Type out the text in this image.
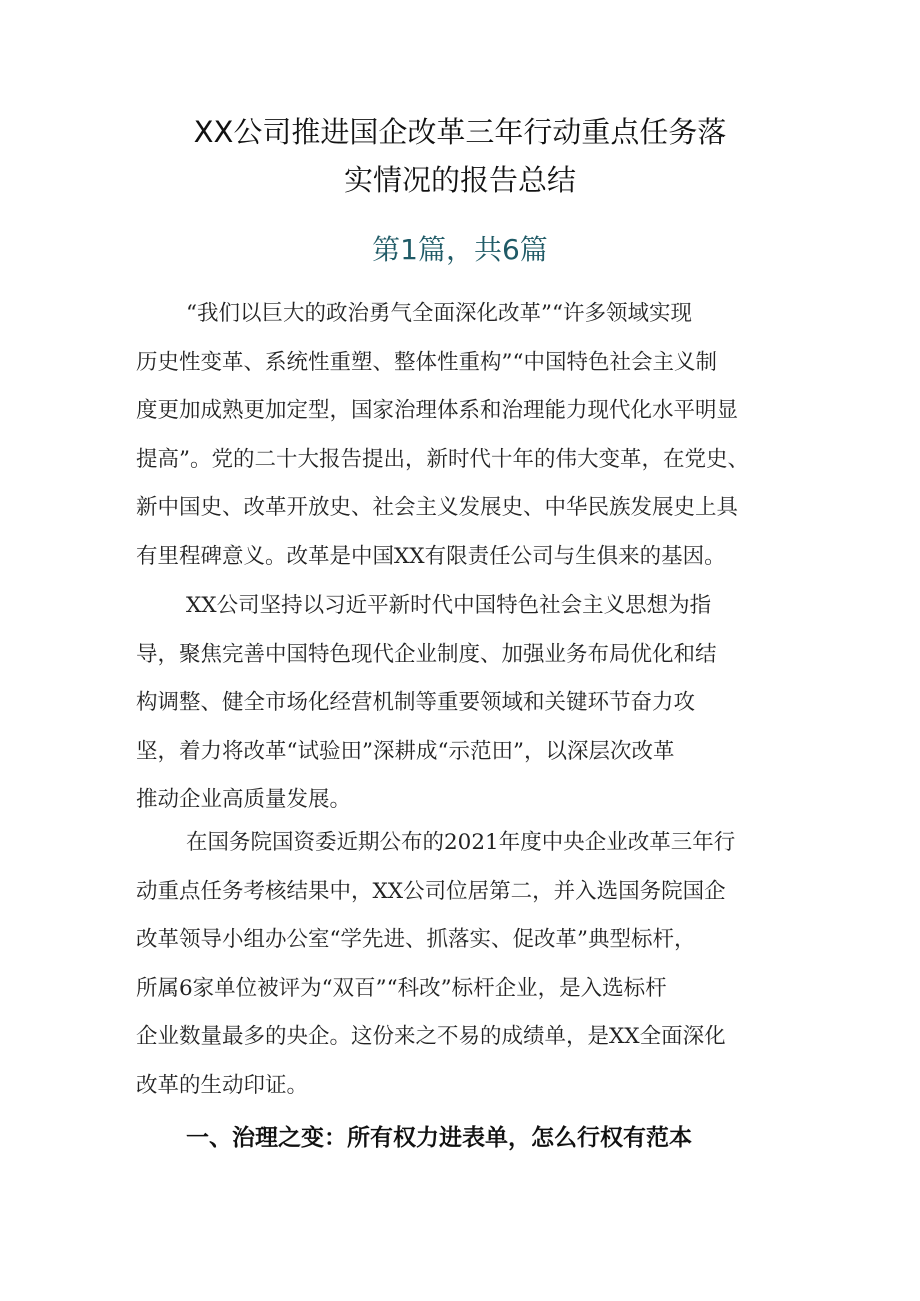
XX公司推进国企改革三年行动重点任务落
实情况的报告总结
第1篇，共6篇

“我们以巨大的政治勇气全面深化改革”“许多领域实现
历史性变革、系统性重塑、整体性重构”“中国特色社会主义制
度更加成熟更加定型，国家治理体系和治理能力现代化水平明显
提高”。党的二十大报告提出，新时代十年的伟大变革，在党史、
新中国史、改革开放史、社会主义发展史、中华民族发展史上具
有里程碑意义。改革是中国XX有限责任公司与生俱来的基因。

XX公司坚持以习近平新时代中国特色社会主义思想为指
导，聚焦完善中国特色现代企业制度、加强业务布局优化和结
构调整、健全市场化经营机制等重要领域和关键环节奋力攻
坚，着力将改革“试验田”深耕成“示范田”，以深层次改革
推动企业高质量发展。

在国务院国资委近期公布的2021年度中央企业改革三年行
动重点任务考核结果中，XX公司位居第二，并入选国务院国企
改革领导小组办公室“学先进、抓落实、促改革”典型标杆，
所属6家单位被评为“双百”“科改”标杆企业，是入选标杆
企业数量最多的央企。这份来之不易的成绩单，是XX全面深化
改革的生动印证。

一、治理之变：所有权力进表单，怎么行权有范本
